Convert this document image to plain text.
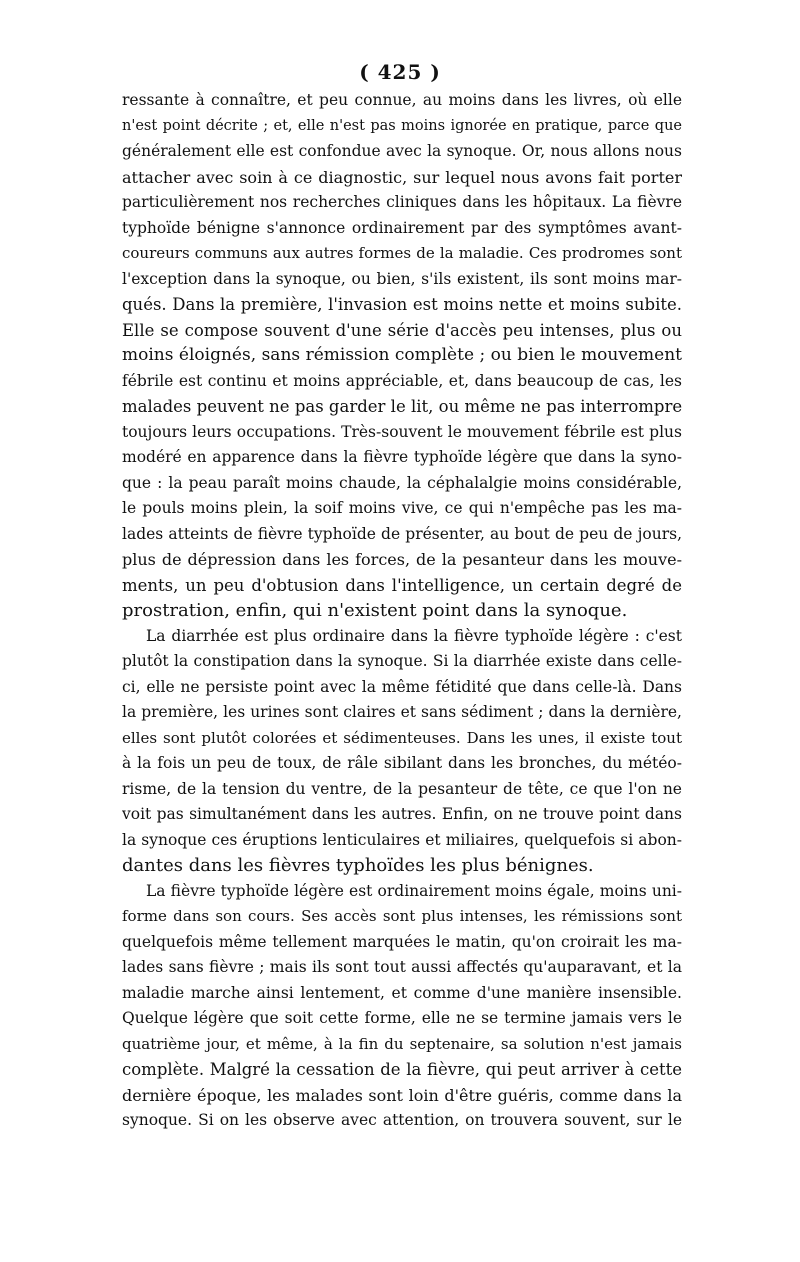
( 425 )
ressante à connaître, et peu connue, au moins dans les livres, où elle
n'est point décrite ; et, elle n'est pas moins ignorée en pratique, parce que
généralement elle est confondue avec la synoque. Or, nous allons nous
attacher avec soin à ce diagnostic, sur lequel nous avons fait porter
particulièrement nos recherches cliniques dans les hôpitaux. La fièvre
typhoïde bénigne s'annonce ordinairement par des symptômes avant-
coureurs communs aux autres formes de la maladie. Ces prodromes sont
l'exception dans la synoque, ou bien, s'ils existent, ils sont moins mar-
qués. Dans la première, l'invasion est moins nette et moins subite.
Elle se compose souvent d'une série d'accès peu intenses, plus ou
moins éloignés, sans rémission complète ; ou bien le mouvement
fébrile est continu et moins appréciable, et, dans beaucoup de cas, les
malades peuvent ne pas garder le lit, ou même ne pas interrompre
toujours leurs occupations. Très-souvent le mouvement fébrile est plus
modéré en apparence dans la fièvre typhoïde légère que dans la syno-
que : la peau paraît moins chaude, la céphalalgie moins considérable,
le pouls moins plein, la soif moins vive, ce qui n'empêche pas les ma-
lades atteints de fièvre typhoïde de présenter, au bout de peu de jours,
plus de dépression dans les forces, de la pesanteur dans les mouve-
ments, un peu d'obtusion dans l'intelligence, un certain degré de
prostration, enfin, qui n'existent point dans la synoque.
La diarrhée est plus ordinaire dans la fièvre typhoïde légère : c'est
plutôt la constipation dans la synoque. Si la diarrhée existe dans celle-
ci, elle ne persiste point avec la même fétidité que dans celle-là. Dans
la première, les urines sont claires et sans sédiment ; dans la dernière,
elles sont plutôt colorées et sédimenteuses. Dans les unes, il existe tout
à la fois un peu de toux, de râle sibilant dans les bronches, du météo-
risme, de la tension du ventre, de la pesanteur de tête, ce que l'on ne
voit pas simultanément dans les autres. Enfin, on ne trouve point dans
la synoque ces éruptions lenticulaires et miliaires, quelquefois si abon-
dantes dans les fièvres typhoïdes les plus bénignes.
La fièvre typhoïde légère est ordinairement moins égale, moins uni-
forme dans son cours. Ses accès sont plus intenses, les rémissions sont
quelquefois même tellement marquées le matin, qu'on croirait les ma-
lades sans fièvre ; mais ils sont tout aussi affectés qu'auparavant, et la
maladie marche ainsi lentement, et comme d'une manière insensible.
Quelque légère que soit cette forme, elle ne se termine jamais vers le
quatrième jour, et même, à la fin du septenaire, sa solution n'est jamais
complète. Malgré la cessation de la fièvre, qui peut arriver à cette
dernière époque, les malades sont loin d'être guéris, comme dans la
synoque. Si on les observe avec attention, on trouvera souvent, sur le
